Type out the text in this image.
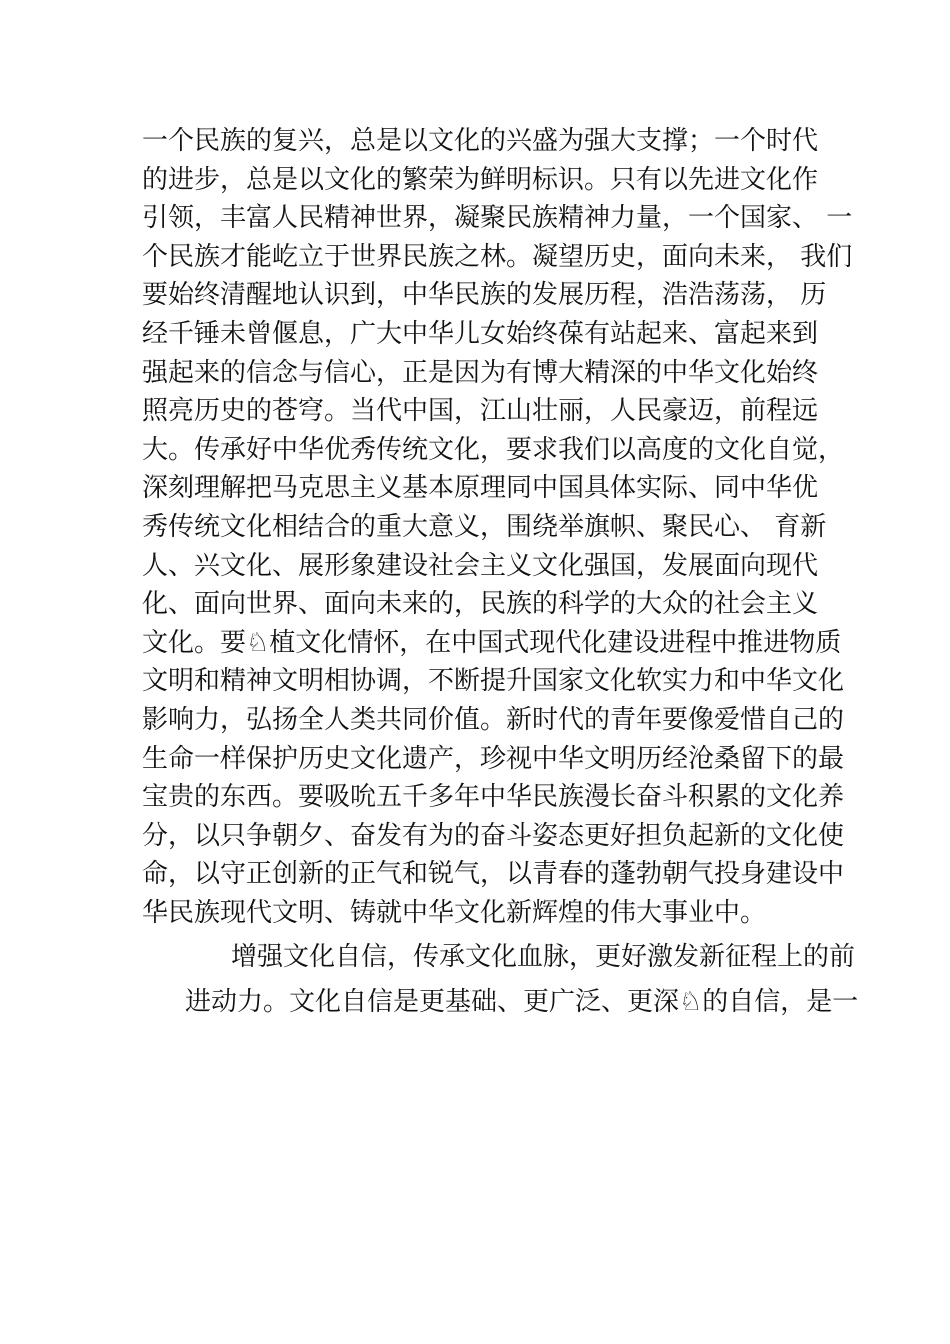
一个民族的复兴，总是以文化的兴盛为强大支撑；一个时代
的进步，总是以文化的繁荣为鲜明标识。只有以先进文化作
引领，丰富人民精神世界，凝聚民族精神力量，一个国家、 一
个民族才能屹立于世界民族之林。凝望历史，面向未来， 我们
要始终清醒地认识到，中华民族的发展历程，浩浩荡荡， 历
经千锤未曾偃息，广大中华儿女始终葆有站起来、富起来到
强起来的信念与信心，正是因为有博大精深的中华文化始终
照亮历史的苍穹。当代中国，江山壮丽，人民豪迈，前程远
大。传承好中华优秀传统文化，要求我们以高度的文化自觉，
深刻理解把马克思主义基本原理同中国具体实际、同中华优
秀传统文化相结合的重大意义，围绕举旗帜、聚民心、 育新
人、兴文化、展形象建设社会主义文化强国，发展面向现代
化、面向世界、面向未来的，民族的科学的大众的社会主义
文化。要♘植文化情怀，在中国式现代化建设进程中推进物质
文明和精神文明相协调，不断提升国家文化软实力和中华文化
影响力，弘扬全人类共同价值。新时代的青年要像爱惜自己的
生命一样保护历史文化遗产，珍视中华文明历经沧桑留下的最
宝贵的东西。要吸吮五千多年中华民族漫长奋斗积累的文化养
分，以只争朝夕、奋发有为的奋斗姿态更好担负起新的文化使
命，以守正创新的正气和锐气，以青春的蓬勃朝气投身建设中
华民族现代文明、铸就中华文化新辉煌的伟大事业中。
增强文化自信，传承文化血脉，更好激发新征程上的前
进动力。文化自信是更基础、更广泛、更深♘的自信，是一
